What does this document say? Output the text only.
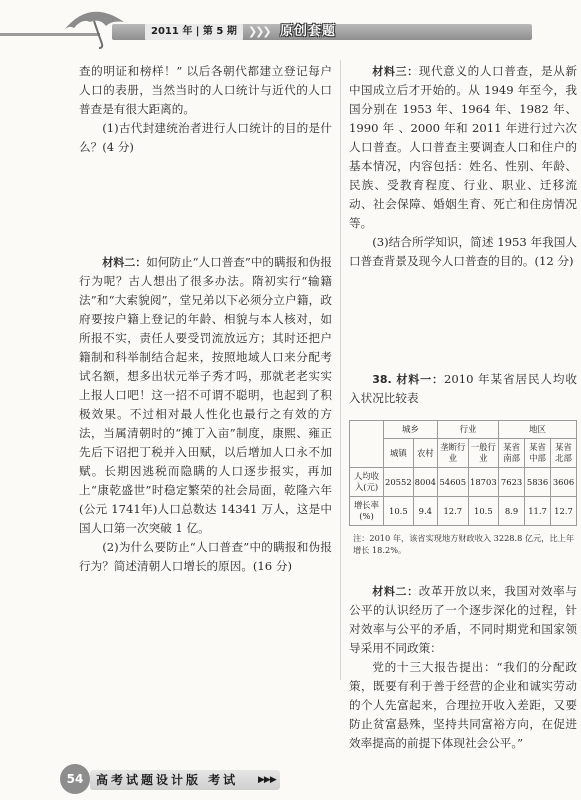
2011 年 | 第 5 期	❯❯❯ 原创套题

查的明证和榜样！” 以后各朝代都建立登记每户人口的表册，当然当时的人口统计与近代的人口普查是有很大距离的。

(1)古代封建统治者进行人口统计的目的是什么？(4 分)

材料二：如何防止“人口普查”中的瞒报和伪报行为呢？古人想出了很多办法。隋初实行“输籍法”和“大索貌阅”，堂兄弟以下必须分立户籍，政府要按户籍上登记的年龄、相貌与本人核对，如所报不实，责任人要受罚流放远方；其时还把户籍制和科举制结合起来，按照地域人口来分配考试名额，想多出状元举子秀才吗，那就老老实实上报人口吧！这一招不可谓不聪明，也起到了积极效果。不过相对最人性化也最行之有效的方法，当属清朝时的“摊丁入亩”制度，康熙、雍正先后下诏把丁税并入田赋，以后增加人口永不加赋。长期因逃税而隐瞒的人口逐步报实，再加上“康乾盛世”时稳定繁荣的社会局面，乾隆六年(公元 1741年)人口总数达 14341 万人，这是中国人口第一次突破 1 亿。

(2)为什么要防止“人口普查”中的瞒报和伪报行为？简述清朝人口增长的原因。(16 分)

材料三：现代意义的人口普查，是从新中国成立后才开始的。从 1949 年至今，我国分别在 1953 年、1964 年、1982 年、1990 年 、2000 年和 2011 年进行过六次人口普查。人口普查主要调查人口和住户的基本情况，内容包括：姓名、性别、年龄、民族、受教育程度、行业、职业、迁移流动、社会保障、婚姻生育、死亡和住房情况等。

(3)结合所学知识，简述 1953 年我国人口普查背景及现今人口普查的目的。(12 分)

38. 材料一：2010 年某省居民人均收入状况比较表

	城乡		行业		地区		
	城镇	农村	垄断行业	一般行业	某省南部	某省中部	某省北部
人均收入(元)	20552	8004	54605	18703	7623	5836	3606
增长率(%)	10.5	9.4	12.7	10.5	8.9	11.7	12.7
注：2010 年，该省实现地方财政收入 3228.8 亿元，比上年增长 18.2%。

材料二：改革开放以来，我国对效率与公平的认识经历了一个逐步深化的过程，针对效率与公平的矛盾，不同时期党和国家领导采用不同政策：

党的十三大报告提出：“我们的分配政策，既要有利于善于经营的企业和诚实劳动的个人先富起来，合理拉开收入差距，又要防止贫富悬殊，坚持共同富裕方向，在促进效率提高的前提下体现社会公平。”

54	高考试题设计版 考试 ▶▶▶
